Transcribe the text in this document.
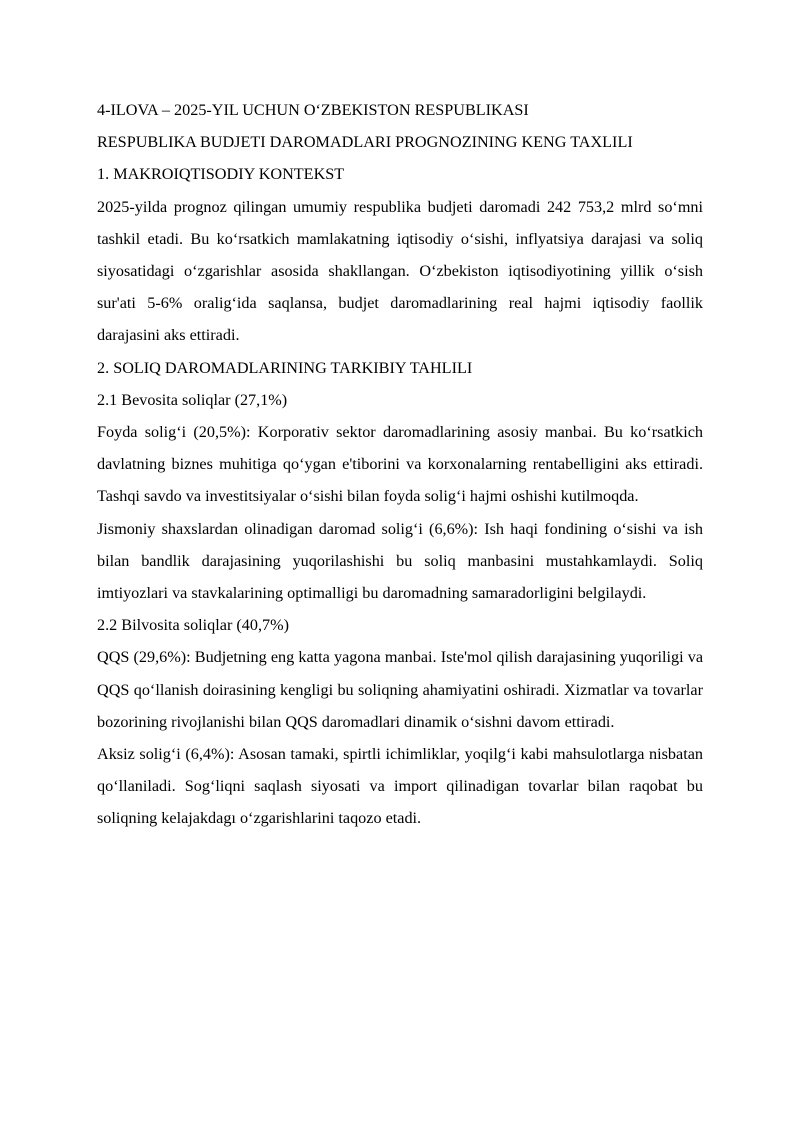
4-ILOVA – 2025-YIL UCHUN OʻZBEKISTON RESPUBLIKASI

RESPUBLIKA BUDJETI DAROMADLARI PROGNOZINING KENG TAXLILI

1. MAKROIQTISODIY KONTEKST

2025-yilda prognoz qilingan umumiy respublika budjeti daromadi 242 753,2 mlrd soʻmni tashkil etadi. Bu koʻrsatkich mamlakatning iqtisodiy oʻsishi, inflyatsiya darajasi va soliq siyosatidagi oʻzgarishlar asosida shakllangan. Oʻzbekiston iqtisodiyotining yillik oʻsish sur'ati 5-6% oraligʻida saqlansa, budjet daromadlarining real hajmi iqtisodiy faollik darajasini aks ettiradi.

2. SOLIQ DAROMADLARINING TARKIBIY TAHLILI

2.1 Bevosita soliqlar (27,1%)

Foyda soligʻi (20,5%): Korporativ sektor daromadlarining asosiy manbai. Bu koʻrsatkich davlatning biznes muhitiga qoʻygan e'tiborini va korxonalarning rentabelligini aks ettiradi. Tashqi savdo va investitsiyalar oʻsishi bilan foyda soligʻi hajmi oshishi kutilmoqda.

Jismoniy shaxslardan olinadigan daromad soligʻi (6,6%): Ish haqi fondining oʻsishi va ish bilan bandlik darajasining yuqorilashishi bu soliq manbasini mustahkamlaydi. Soliq imtiyozlari va stavkalarining optimalligi bu daromadning samaradorligini belgilaydi.

2.2 Bilvosita soliqlar (40,7%)

QQS (29,6%): Budjetning eng katta yagona manbai. Iste'mol qilish darajasining yuqoriligi va QQS qoʻllanish doirasining kengligi bu soliqning ahamiyatini oshiradi. Xizmatlar va tovarlar bozorining rivojlanishi bilan QQS daromadlari dinamik oʻsishni davom ettiradi.

Aksiz soligʻi (6,4%): Asosan tamaki, spirtli ichimliklar, yoqilgʻi kabi mahsulotlarga nisbatan qoʻllaniladi. Sogʻliqni saqlash siyosati va import qilinadigan tovarlar bilan raqobat bu soliqning kelajakdagı oʻzgarishlarini taqozo etadi.
